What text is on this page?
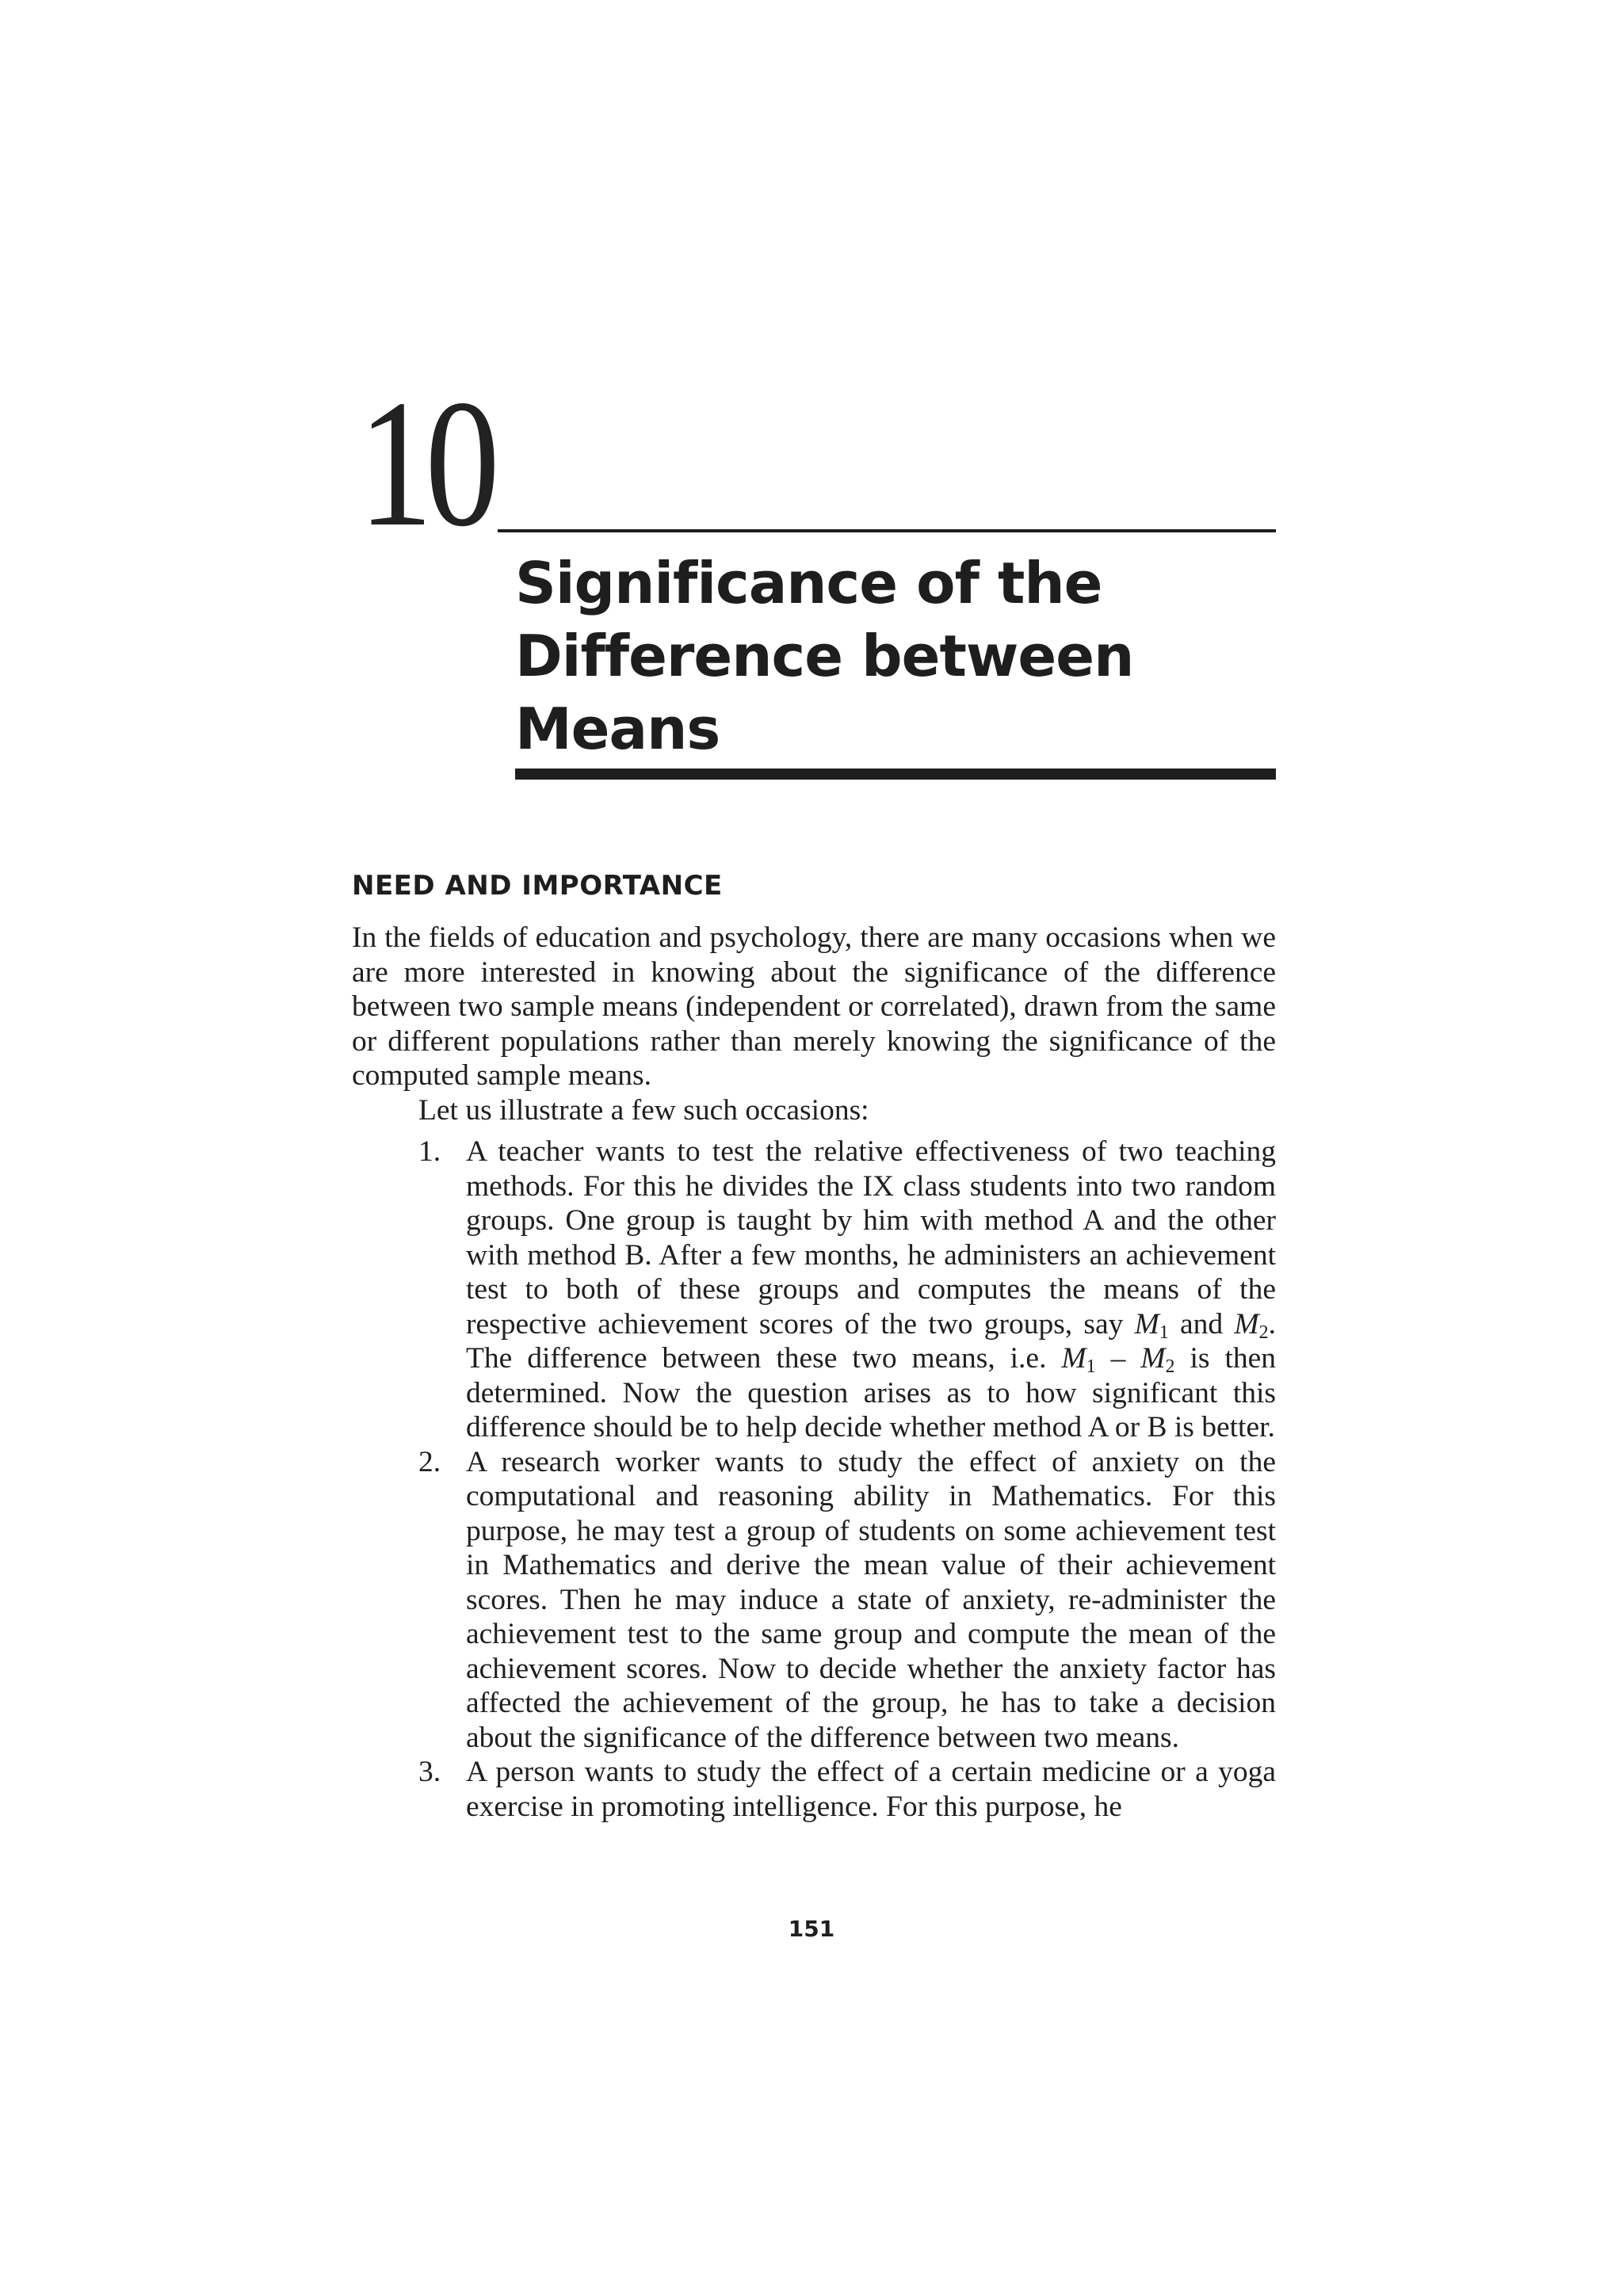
10
Significance of the
Difference between
Means
NEED AND IMPORTANCE

In the fields of education and psychology, there are many occasions when we are more interested in knowing about the significance of the difference between two sample means (independent or correlated), drawn from the same or different populations rather than merely knowing the significance of the computed sample means.

Let us illustrate a few such occasions:

1. A teacher wants to test the relative effectiveness of two teaching methods. For this he divides the IX class students into two random groups. One group is taught by him with method A and the other with method B. After a few months, he administers an achievement test to both of these groups and computes the means of the respective achievement scores of the two groups, say $M_1$ and $M_2$. The difference between these two means, i.e. $M_1 - M_2$ is then determined. Now the question arises as to how significant this difference should be to help decide whether method A or B is better.
2. A research worker wants to study the effect of anxiety on the computational and reasoning ability in Mathematics. For this purpose, he may test a group of students on some achievement test in Mathematics and derive the mean value of their achievement scores. Then he may induce a state of anxiety, re-administer the achievement test to the same group and compute the mean of the achievement scores. Now to decide whether the anxiety factor has affected the achievement of the group, he has to take a decision about the significance of the difference between two means.
3. A person wants to study the effect of a certain medicine or a yoga exercise in promoting intelligence. For this purpose, he
151
